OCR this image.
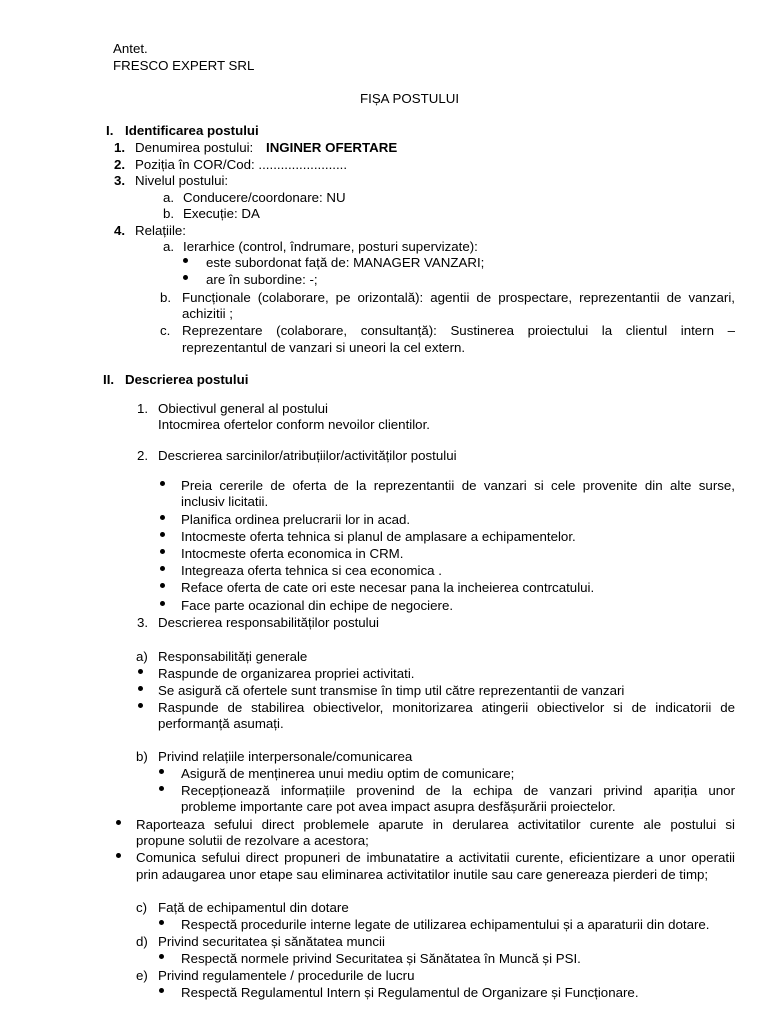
Antet.
FRESCO EXPERT SRL
FIȘA POSTULUI
I. Identificarea postului
1. Denumirea postului: INGINER OFERTARE
2. Poziția în COR/Cod: ........................
3. Nivelul postului:
a. Conducere/coordonare: NU
b. Execuție: DA
4. Relațiile:
a. Ierarhice (control, îndrumare, posturi supervizate):
este subordonat față de: MANAGER VANZARI;
are în subordine: -;
b. Funcționale (colaborare, pe orizontală): agentii de prospectare, reprezentantii de vanzari,
achizitii ;
c. Reprezentare (colaborare, consultanță): Sustinerea proiectului la clientul intern –
reprezentantul de vanzari si uneori la cel extern.
II. Descrierea postului
1. Obiectivul general al postului
Intocmirea ofertelor conform nevoilor clientilor.
2. Descrierea sarcinilor/atribuțiilor/activităților postului
Preia cererile de oferta de la reprezentantii de vanzari si cele provenite din alte surse,
inclusiv licitatii.
Planifica ordinea prelucrarii lor in acad.
Intocmeste oferta tehnica si planul de amplasare a echipamentelor.
Intocmeste oferta economica in CRM.
Integreaza oferta tehnica si cea economica .
Reface oferta de cate ori este necesar pana la incheierea contrcatului.
Face parte ocazional din echipe de negociere.
3. Descrierea responsabilităților postului
a) Responsabilități generale
Raspunde de organizarea propriei activitati.
Se asigură că ofertele sunt transmise în timp util către reprezentantii de vanzari
Raspunde de stabilirea obiectivelor, monitorizarea atingerii obiectivelor si de indicatorii de
performanță asumați.
b) Privind relațiile interpersonale/comunicarea
Asigură de menținerea unui mediu optim de comunicare;
Recepționează informațiile provenind de la echipa de vanzari privind apariția unor
probleme importante care pot avea impact asupra desfășurării proiectelor.
Raporteaza sefului direct problemele aparute in derularea activitatilor curente ale postului si
propune solutii de rezolvare a acestora;
Comunica sefului direct propuneri de imbunatatire a activitatii curente, eficientizare a unor operatii
prin adaugarea unor etape sau eliminarea activitatilor inutile sau care genereaza pierderi de timp;
c) Față de echipamentul din dotare
Respectă procedurile interne legate de utilizarea echipamentului și a aparaturii din dotare.
d) Privind securitatea și sănătatea muncii
Respectă normele privind Securitatea și Sănătatea în Muncă și PSI.
e) Privind regulamentele / procedurile de lucru
Respectă Regulamentul Intern și Regulamentul de Organizare și Funcționare.
